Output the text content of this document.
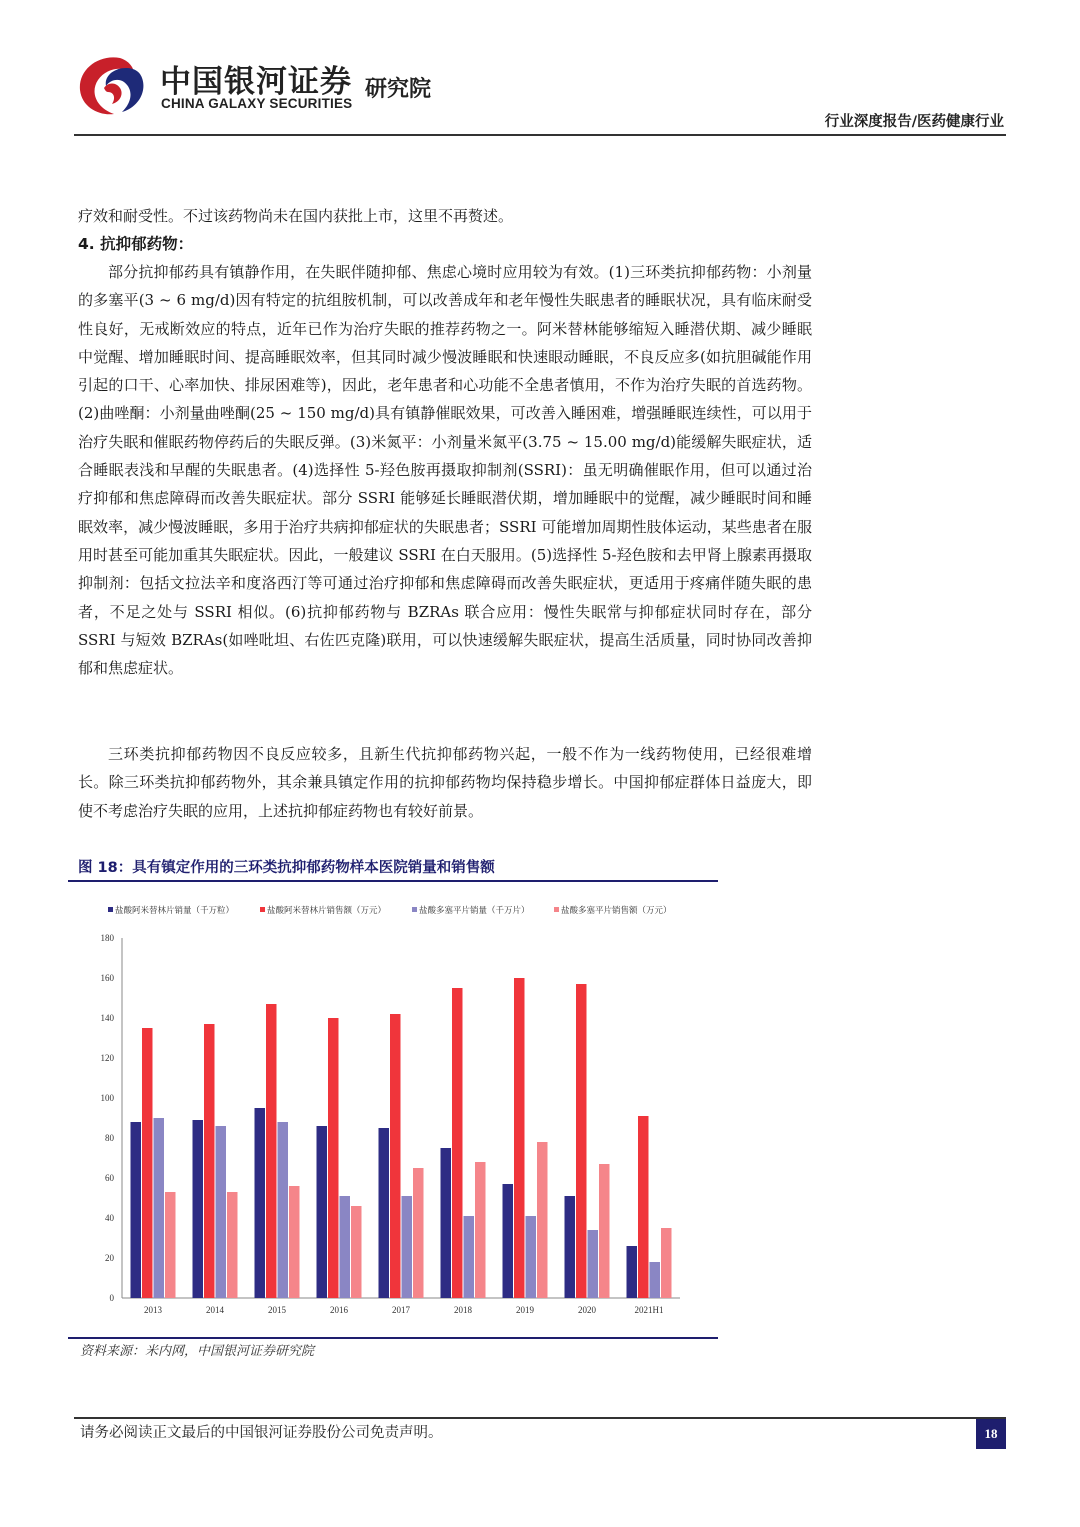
中国银河证券
CHINA GALAXY SECURITIES
研究院
行业深度报告/医药健康行业

疗效和耐受性。不过该药物尚未在国内获批上市，这里不再赘述。

4. 抗抑郁药物：

部分抗抑郁药具有镇静作用，在失眠伴随抑郁、焦虑心境时应用较为有效。(1)三环类抗抑郁药物：小剂量的多塞平(3 ~ 6 mg/d)因有特定的抗组胺机制，可以改善成年和老年慢性失眠患者的睡眠状况，具有临床耐受性良好，无戒断效应的特点，近年已作为治疗失眠的推荐药物之一。阿米替林能够缩短入睡潜伏期、减少睡眠中觉醒、增加睡眠时间、提高睡眠效率，但其同时减少慢波睡眠和快速眼动睡眠，不良反应多(如抗胆碱能作用引起的口干、心率加快、排尿困难等)，因此，老年患者和心功能不全患者慎用，不作为治疗失眠的首选药物。(2)曲唑酮：小剂量曲唑酮(25 ~ 150 mg/d)具有镇静催眠效果，可改善入睡困难，增强睡眠连续性，可以用于治疗失眠和催眠药物停药后的失眠反弹。(3)米氮平：小剂量米氮平(3.75 ~ 15.00 mg/d)能缓解失眠症状，适合睡眠表浅和早醒的失眠患者。(4)选择性 5-羟色胺再摄取抑制剂(SSRI)：虽无明确催眠作用，但可以通过治疗抑郁和焦虑障碍而改善失眠症状。部分 SSRI 能够延长睡眠潜伏期，增加睡眠中的觉醒，减少睡眠时间和睡眠效率，减少慢波睡眠，多用于治疗共病抑郁症状的失眠患者；SSRI 可能增加周期性肢体运动，某些患者在服用时甚至可能加重其失眠症状。因此，一般建议 SSRI 在白天服用。(5)选择性 5-羟色胺和去甲肾上腺素再摄取抑制剂：包括文拉法辛和度洛西汀等可通过治疗抑郁和焦虑障碍而改善失眠症状，更适用于疼痛伴随失眠的患者，不足之处与 SSRI 相似。(6)抗抑郁药物与 BZRAs 联合应用：慢性失眠常与抑郁症状同时存在，部分 SSRI 与短效 BZRAs(如唑吡坦、右佐匹克隆)联用，可以快速缓解失眠症状，提高生活质量，同时协同改善抑郁和焦虑症状。

三环类抗抑郁药物因不良反应较多，且新生代抗抑郁药物兴起，一般不作为一线药物使用，已经很难增长。除三环类抗抑郁药物外，其余兼具镇定作用的抗抑郁药物均保持稳步增长。中国抑郁症群体日益庞大，即使不考虑治疗失眠的应用，上述抗抑郁症药物也有较好前景。

图 18：具有镇定作用的三环类抗抑郁药物样本医院销量和销售额
盐酸阿米替林片销量（千万粒）	盐酸阿米替林片销售额（万元）	盐酸多塞平片销量（千万片）	盐酸多塞平片销售额（万元）
0
20
40
60
80
100
120
140
160
180
2013	2014	2015	2016	2017	2018	2019	2020	2021H1
资料来源：米内网，中国银河证券研究院
请务必阅读正文最后的中国银河证券股份公司免责声明。	18
